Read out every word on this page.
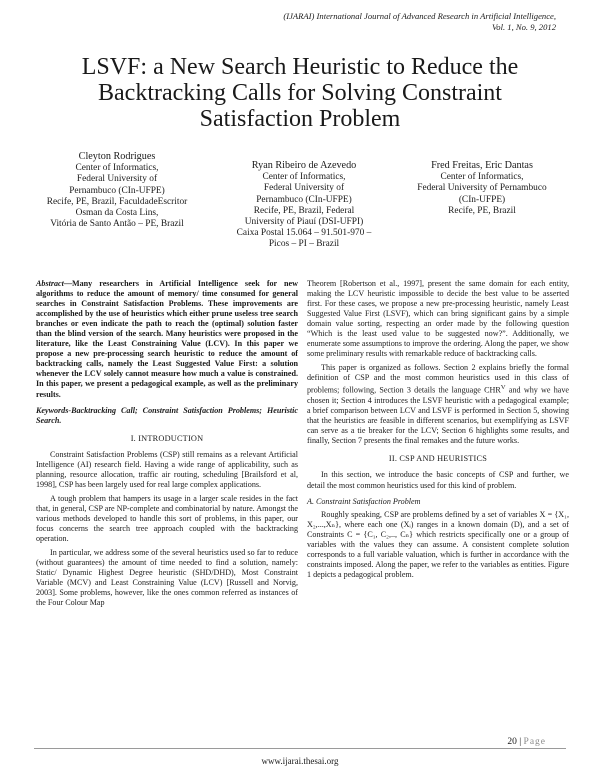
(IJARAI) International Journal of Advanced Research in Artificial Intelligence,
Vol. 1, No. 9, 2012
LSVF: a New Search Heuristic to Reduce the
Backtracking Calls for Solving Constraint
Satisfaction Problem
Cleyton Rodrigues
Center of Informatics,
Federal University of
Pernambuco (CIn-UFPE)
Recife, PE, Brazil, FaculdadeEscritor
Osman da Costa Lins,
Vitória de Santo Antão – PE, Brazil
Ryan Ribeiro de Azevedo
Center of Informatics,
Federal University of
Pernambuco (CIn-UFPE)
Recife, PE, Brazil, Federal
University of Piauí (DSI-UFPI)
Caixa Postal 15.064 – 91.501-970 –
Picos – PI – Brazil
Fred Freitas, Eric Dantas
Center of Informatics,
Federal University of Pernambuco
(CIn-UFPE)
Recife, PE, Brazil

Abstract—Many researchers in Artificial Intelligence seek for new algorithms to reduce the amount of memory/ time consumed for general searches in Constraint Satisfaction Problems. These improvements are accomplished by the use of heuristics which either prune useless tree search branches or even indicate the path to reach the (optimal) solution faster than the blind version of the search. Many heuristics were proposed in the literature, like the Least Constraining Value (LCV). In this paper we propose a new pre-processing search heuristic to reduce the amount of backtracking calls, namely the Least Suggested Value First: a solution whenever the LCV solely cannot measure how much a value is constrained. In this paper, we present a pedagogical example, as well as the preliminary results.

Keywords-Backtracking Call; Constraint Satisfaction Problems; Heuristic Search.

I. INTRODUCTION

Constraint Satisfaction Problems (CSP) still remains as a relevant Artificial Intelligence (AI) research field. Having a wide range of applicability, such as planning, resource allocation, traffic air routing, scheduling [Brailsford et al, 1998], CSP has been largely used for real large complex applications.

A tough problem that hampers its usage in a larger scale resides in the fact that, in general, CSP are NP-complete and combinatorial by nature. Amongst the various methods developed to handle this sort of problems, in this paper, our focus concerns the search tree approach coupled with the backtracking operation.

In particular, we address some of the several heuristics used so far to reduce (without guarantees) the amount of time needed to find a solution, namely: Static/ Dynamic Highest Degree heuristic (SHD/DHD), Most Constraint Variable (MCV) and Least Constraining Value (LCV) [Russell and Norvig, 2003]. Some problems, however, like the ones common referred as instances of the Four Colour Map

Theorem [Robertson et al., 1997], present the same domain for each entity, making the LCV heuristic impossible to decide the best value to be asserted first. For these cases, we propose a new pre-processing heuristic, namely Least Suggested Value First (LSVF), which can bring significant gains by a simple domain value sorting, respecting an order made by the following question “Which is the least used value to be suggested now?”. Additionally, we enumerate some assumptions to improve the ordering. Along the paper, we show some preliminary results with remarkable reduce of backtracking calls.

This paper is organized as follows. Section 2 explains briefly the formal definition of CSP and the most common heuristics used in this class of problems; following, Section 3 details the language $CHR^V$ and why we have chosen it; Section 4 introduces the LSVF heuristic with a pedagogical example; a brief comparison between LCV and LSVF is performed in Section 5, showing that the heuristics are feasible in different scenarios, but exemplifying as LSVF can serve as a tie breaker for the LCV; Section 6 highlights some results, and finally, Section 7 presents the final remakes and the future works.

II. CSP AND HEURISTICS

In this section, we introduce the basic concepts of CSP and further, we detail the most common heuristics used for this kind of problem.

A. Constraint Satisfaction Problem

Roughly speaking, CSP are problems defined by a set of variables X = {X₁, X₂,...,Xₙ}, where each one (Xᵢ) ranges in a known domain (D), and a set of Constraints C = {C₁, C₂,.., Cₙ} which restricts specifically one or a group of variables with the values they can assume. A consistent complete solution corresponds to a full variable valuation, which is further in accordance with the constraints imposed. Along the paper, we refer to the variables as entities. Figure 1 depicts a pedagogical problem.

20 | Page
www.ijarai.thesai.org
